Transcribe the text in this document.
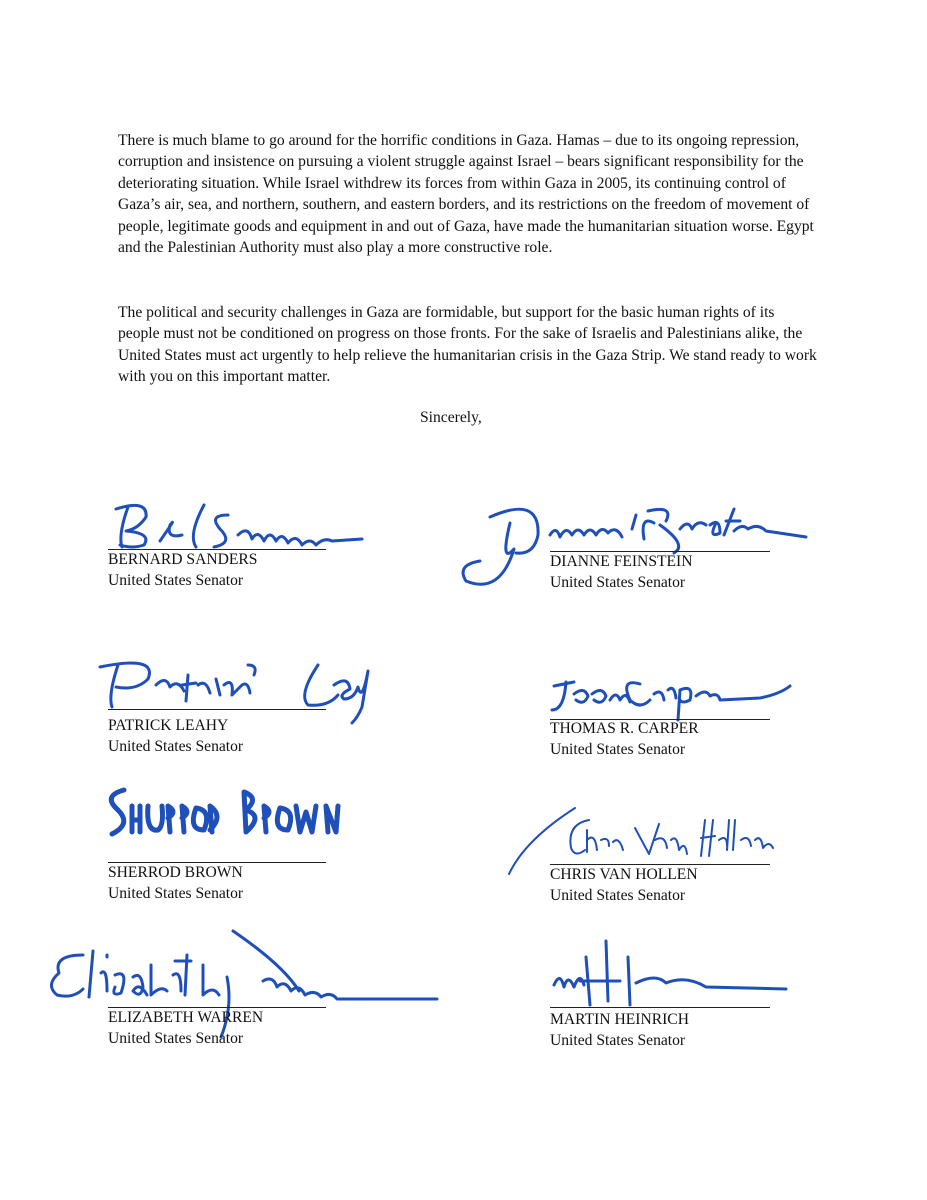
There is much blame to go around for the horrific conditions in Gaza. Hamas – due to its ongoing repression, corruption and insistence on pursuing a violent struggle against Israel – bears significant responsibility for the deteriorating situation. While Israel withdrew its forces from within Gaza in 2005, its continuing control of Gaza’s air, sea, and northern, southern, and eastern borders, and its restrictions on the freedom of movement of people, legitimate goods and equipment in and out of Gaza, have made the humanitarian situation worse. Egypt and the Palestinian Authority must also play a more constructive role.

The political and security challenges in Gaza are formidable, but support for the basic human rights of its people must not be conditioned on progress on those fronts. For the sake of Israelis and Palestinians alike, the United States must act urgently to help relieve the humanitarian crisis in the Gaza Strip. We stand ready to work with you on this important matter.

Sincerely,
BERNARD SANDERS
United States Senator
DIANNE FEINSTEIN
United States Senator
PATRICK LEAHY
United States Senator
THOMAS R. CARPER
United States Senator
SHERROD BROWN
United States Senator
CHRIS VAN HOLLEN
United States Senator
ELIZABETH WARREN
United States Senator
MARTIN HEINRICH
United States Senator
